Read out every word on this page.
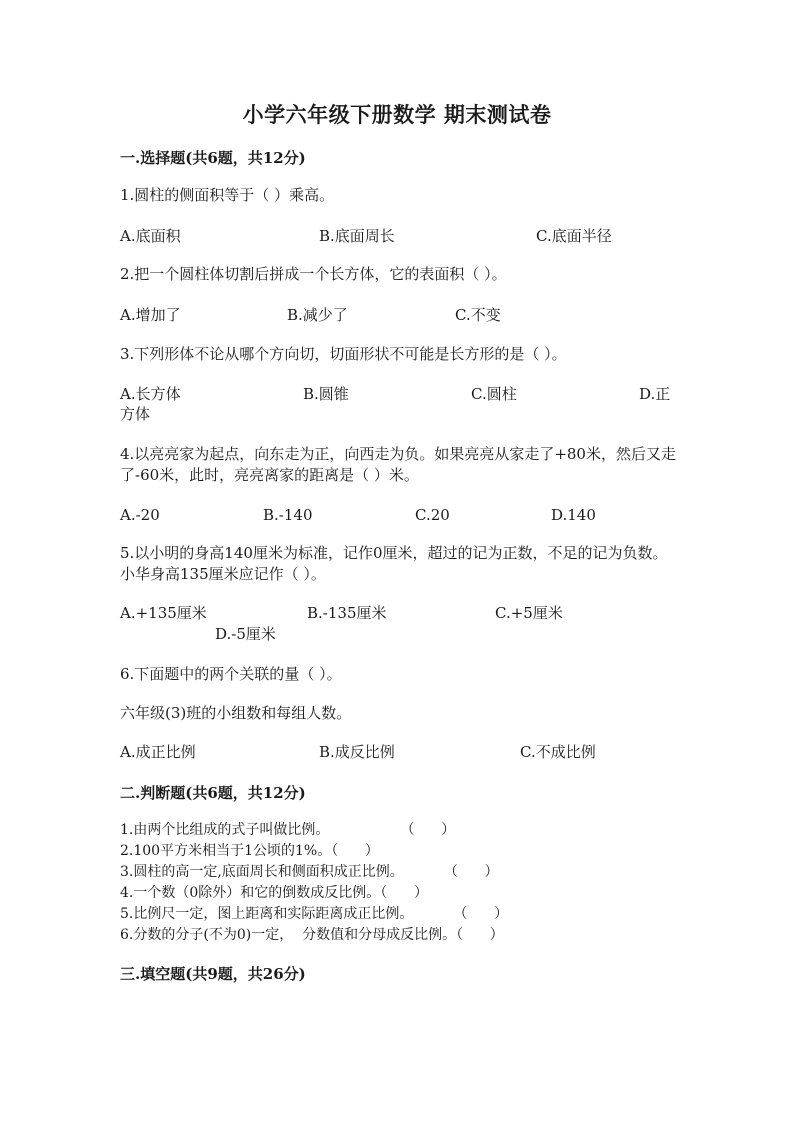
小学六年级下册数学 期末测试卷
一.选择题(共6题，共12分)
1.圆柱的侧面积等于（ ）乘高。
A.底面积	B.底面周长	C.底面半径
2.把一个圆柱体切割后拼成一个长方体，它的表面积（ ）。
A.增加了	B.减少了	C.不变
3.下列形体不论从哪个方向切，切面形状不可能是长方形的是（ ）。
A.长方体	B.圆锥	C.圆柱	D.正
方体
4.以亮亮家为起点，向东走为正，向西走为负。如果亮亮从家走了+80米，然后又走了-60米，此时，亮亮离家的距离是（ ）米。
A.-20	B.-140	C.20	D.140
5.以小明的身高140厘米为标准，记作0厘米，超过的记为正数，不足的记为负数。小华身高135厘米应记作（ ）。
A.+135厘米	B.-135厘米	C.+5厘米
D.-5厘米
6.下面题中的两个关联的量（ ）。
六年级(3)班的小组数和每组人数。
A.成正比例	B.成反比例	C.不成比例
二.判断题(共6题，共12分)
1.由两个比组成的式子叫做比例。                （      ）
2.100平方米相当于1公顷的1%。（      ）
3.圆柱的高一定,底面周长和侧面积成正比例。         （      ）
4.一个数（0除外）和它的倒数成反比例。（      ）
5.比例尺一定，图上距离和实际距离成正比例。         （      ）
6.分数的分子(不为0)一定，  分数值和分母成反比例。（      ）
三.填空题(共9题，共26分)
